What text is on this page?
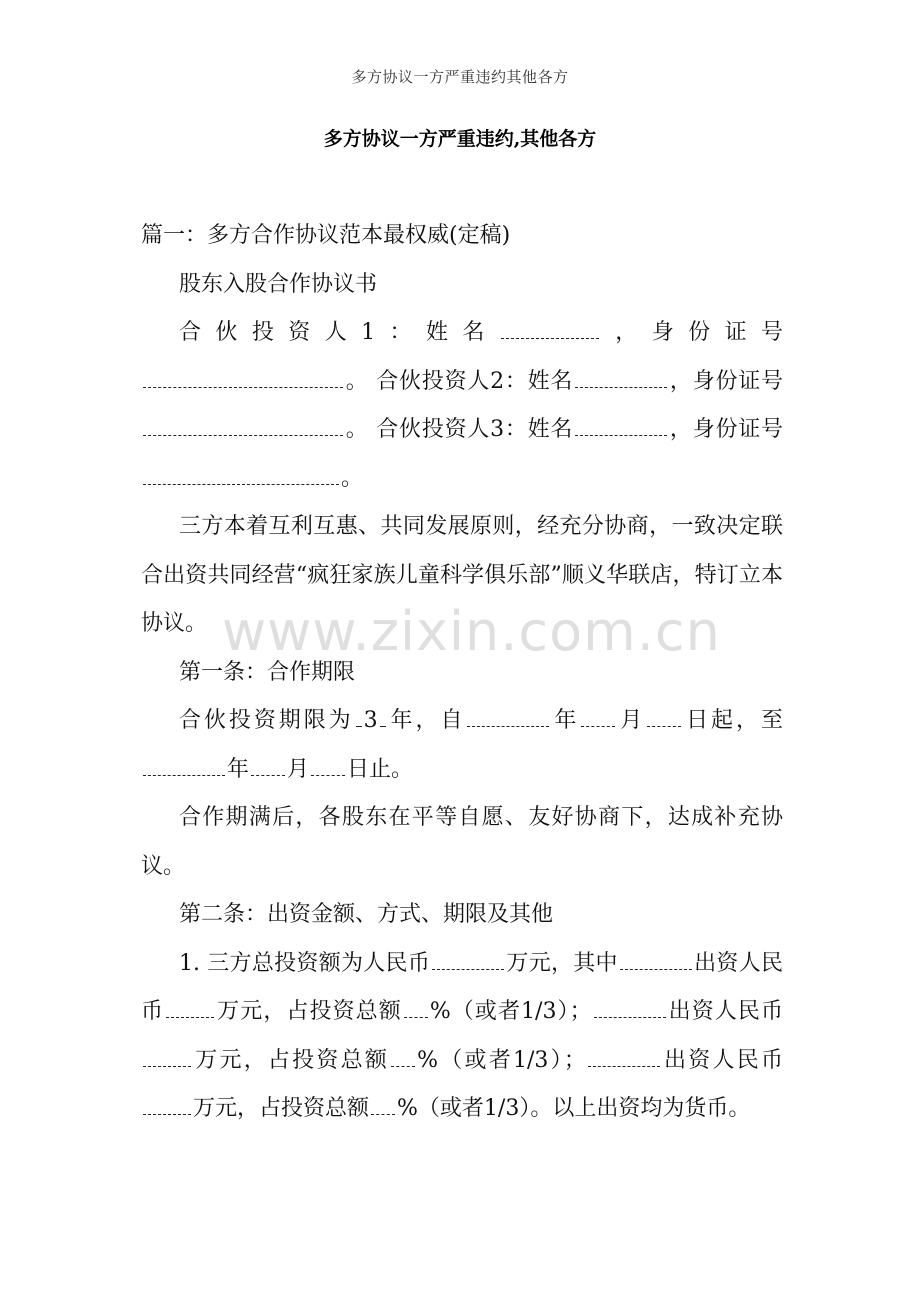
多方协议一方严重违约其他各方
多方协议一方严重违约,其他各方

篇一：多方合作协议范本最权威(定稿)

股东入股合作协议书

合伙投资人1：姓名	，身份证号。 合伙投资人2：姓名	，身份证号。 合伙投资人3：姓名	，身份证号。

三方本着互利互惠、共同发展原则，经充分协商，一致决定联合出资共同经营“疯狂家族儿童科学俱乐部”顺义华联店，特订立本协议。

第一条：合作期限

合伙投资期限为 3 年，自	年 月 日起，至年 月 日止。

合作期满后，各股东在平等自愿、友好协商下，达成补充协议。

第二条：出资金额、方式、期限及其他

1. 三方总投资额为人民币	万元，其中	出资人民币 万元，占投资总额 %（或者1/3）；	出资人民币万元，占投资总额 %（或者1/3）；	出资人民币万元，占投资总额 %（或者1/3）。以上出资均为货币。

www.zixin.com.cn
